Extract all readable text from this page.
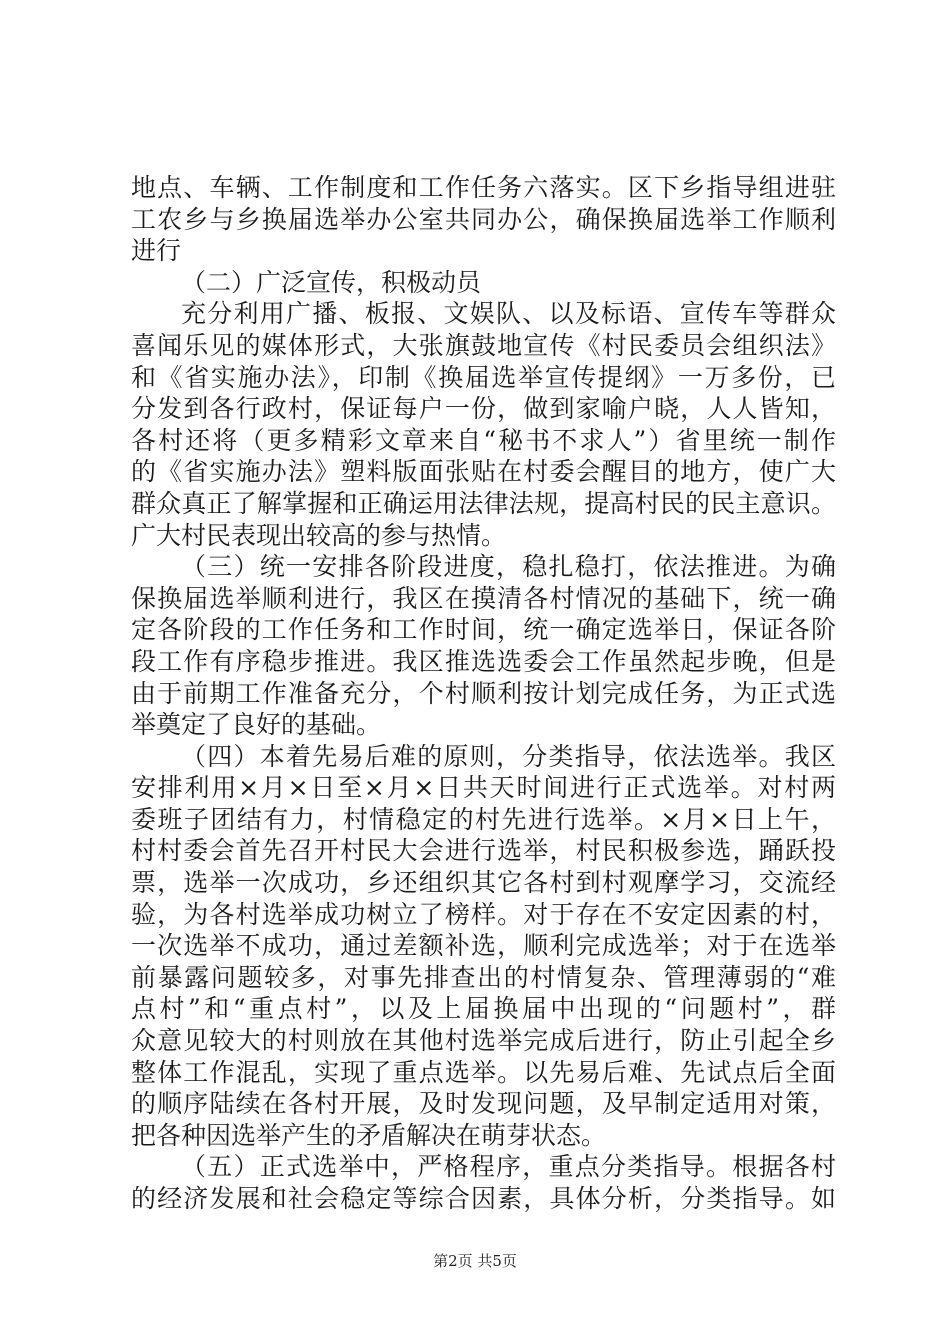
地点、车辆、工作制度和工作任务六落实。区下乡指导组进驻
工农乡与乡换届选举办公室共同办公，确保换届选举工作顺利
进行
（二）广泛宣传，积极动员
充分利用广播、板报、文娱队、以及标语、宣传车等群众
喜闻乐见的媒体形式，大张旗鼓地宣传《村民委员会组织法》
和《省实施办法》，印制《换届选举宣传提纲》一万多份，已
分发到各行政村，保证每户一份，做到家喻户晓，人人皆知，
各村还将（更多精彩文章来自“秘书不求人”）省里统一制作
的《省实施办法》塑料版面张贴在村委会醒目的地方，使广大
群众真正了解掌握和正确运用法律法规，提高村民的民主意识。
广大村民表现出较高的参与热情。
（三）统一安排各阶段进度，稳扎稳打，依法推进。为确
保换届选举顺利进行，我区在摸清各村情况的基础下，统一确
定各阶段的工作任务和工作时间，统一确定选举日，保证各阶
段工作有序稳步推进。我区推选选委会工作虽然起步晚，但是
由于前期工作准备充分，个村顺利按计划完成任务，为正式选
举奠定了良好的基础。
（四）本着先易后难的原则，分类指导，依法选举。我区
安排利用×月×日至×月×日共天时间进行正式选举。对村两
委班子团结有力，村情稳定的村先进行选举。×月×日上午，
村村委会首先召开村民大会进行选举，村民积极参选，踊跃投
票，选举一次成功，乡还组织其它各村到村观摩学习，交流经
验，为各村选举成功树立了榜样。对于存在不安定因素的村，
一次选举不成功，通过差额补选，顺利完成选举；对于在选举
前暴露问题较多，对事先排查出的村情复杂、管理薄弱的“难
点村”和“重点村”，以及上届换届中出现的“问题村”，群
众意见较大的村则放在其他村选举完成后进行，防止引起全乡
整体工作混乱，实现了重点选举。以先易后难、先试点后全面
的顺序陆续在各村开展，及时发现问题，及早制定适用对策，
把各种因选举产生的矛盾解决在萌芽状态。
（五）正式选举中，严格程序，重点分类指导。根据各村
的经济发展和社会稳定等综合因素，具体分析，分类指导。如
第2页 共5页
